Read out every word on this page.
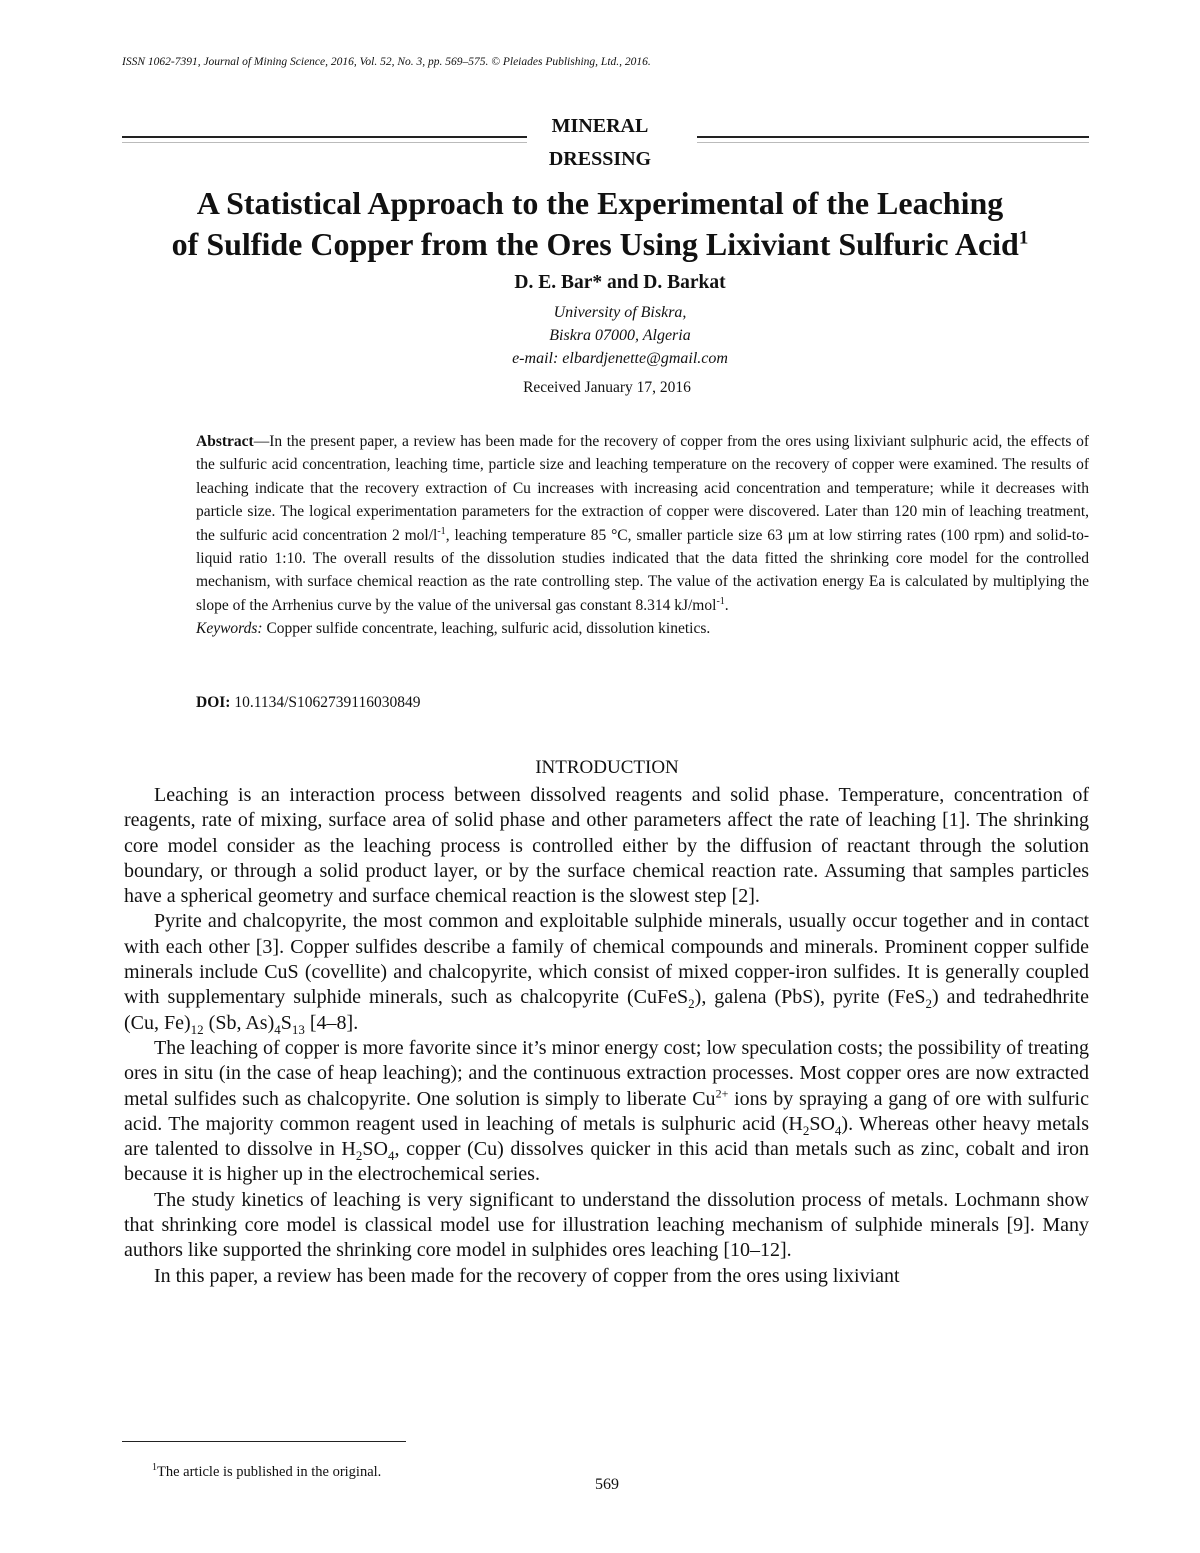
ISSN 1062-7391, Journal of Mining Science, 2016, Vol. 52, No. 3, pp. 569–575. © Pleiades Publishing, Ltd., 2016.
MINERAL
DRESSING
A Statistical Approach to the Experimental of the Leaching
of Sulfide Copper from the Ores Using Lixiviant Sulfuric Acid$^1$
D. E. Bar* and D. Barkat
University of Biskra,
Biskra 07000, Algeria
e-mail: elbardjenette@gmail.com
Received January 17, 2016

Abstract—In the present paper, a review has been made for the recovery of copper from the ores using lixiviant sulphuric acid, the effects of the sulfuric acid concentration, leaching time, particle size and leaching temperature on the recovery of copper were examined. The results of leaching indicate that the recovery extraction of Cu increases with increasing acid concentration and temperature; while it decreases with particle size. The logical experimentation parameters for the extraction of copper were discovered. Later than 120 min of leaching treatment, the sulfuric acid concentration 2 mol/$l^{-1}$, leaching temperature 85 °C, smaller particle size 63 μm at low stirring rates (100 rpm) and solid-to-liquid ratio 1:10. The overall results of the dissolution studies indicated that the data fitted the shrinking core model for the controlled mechanism, with surface chemical reaction as the rate controlling step. The value of the activation energy Ea is calculated by multiplying the slope of the Arrhenius curve by the value of the universal gas constant 8.314 kJ/mol$^{-1}$.

Keywords: Copper sulfide concentrate, leaching, sulfuric acid, dissolution kinetics.

DOI: 10.1134/S1062739116030849
INTRODUCTION

Leaching is an interaction process between dissolved reagents and solid phase. Temperature, concentration of reagents, rate of mixing, surface area of solid phase and other parameters affect the rate of leaching [1]. The shrinking core model consider as the leaching process is controlled either by the diffusion of reactant through the solution boundary, or through a solid product layer, or by the surface chemical reaction rate. Assuming that samples particles have a spherical geometry and surface chemical reaction is the slowest step [2].

Pyrite and chalcopyrite, the most common and exploitable sulphide minerals, usually occur together and in contact with each other [3]. Copper sulfides describe a family of chemical compounds and minerals. Prominent copper sulfide minerals include CuS (covellite) and chalcopyrite, which consist of mixed copper-iron sulfides. It is generally coupled with supplementary sulphide minerals, such as chalcopyrite (CuFeS$_2$), galena (PbS), pyrite (FeS$_2$) and tedrahedhrite (Cu, $Fe)_{12}$ (Sb, $As)_4S_{13}$ [4–8].

The leaching of copper is more favorite since it’s minor energy cost; low speculation costs; the possibility of treating ores in situ (in the case of heap leaching); and the continuous extraction processes. Most copper ores are now extracted metal sulfides such as chalcopyrite. One solution is simply to liberate $Cu^{2+}$ ions by spraying a gang of ore with sulfuric acid. The majority common reagent used in leaching of metals is sulphuric acid $(H_2SO_4)$. Whereas other heavy metals are talented to dissolve in $H_2SO_4$, copper (Cu) dissolves quicker in this acid than metals such as zinc, cobalt and iron because it is higher up in the electrochemical series.

The study kinetics of leaching is very significant to understand the dissolution process of metals. Lochmann show that shrinking core model is classical model use for illustration leaching mechanism of sulphide minerals [9]. Many authors like supported the shrinking core model in sulphides ores leaching [10–12].

In this paper, a review has been made for the recovery of copper from the ores using lixiviant

$^1$The article is published in the original.
569
